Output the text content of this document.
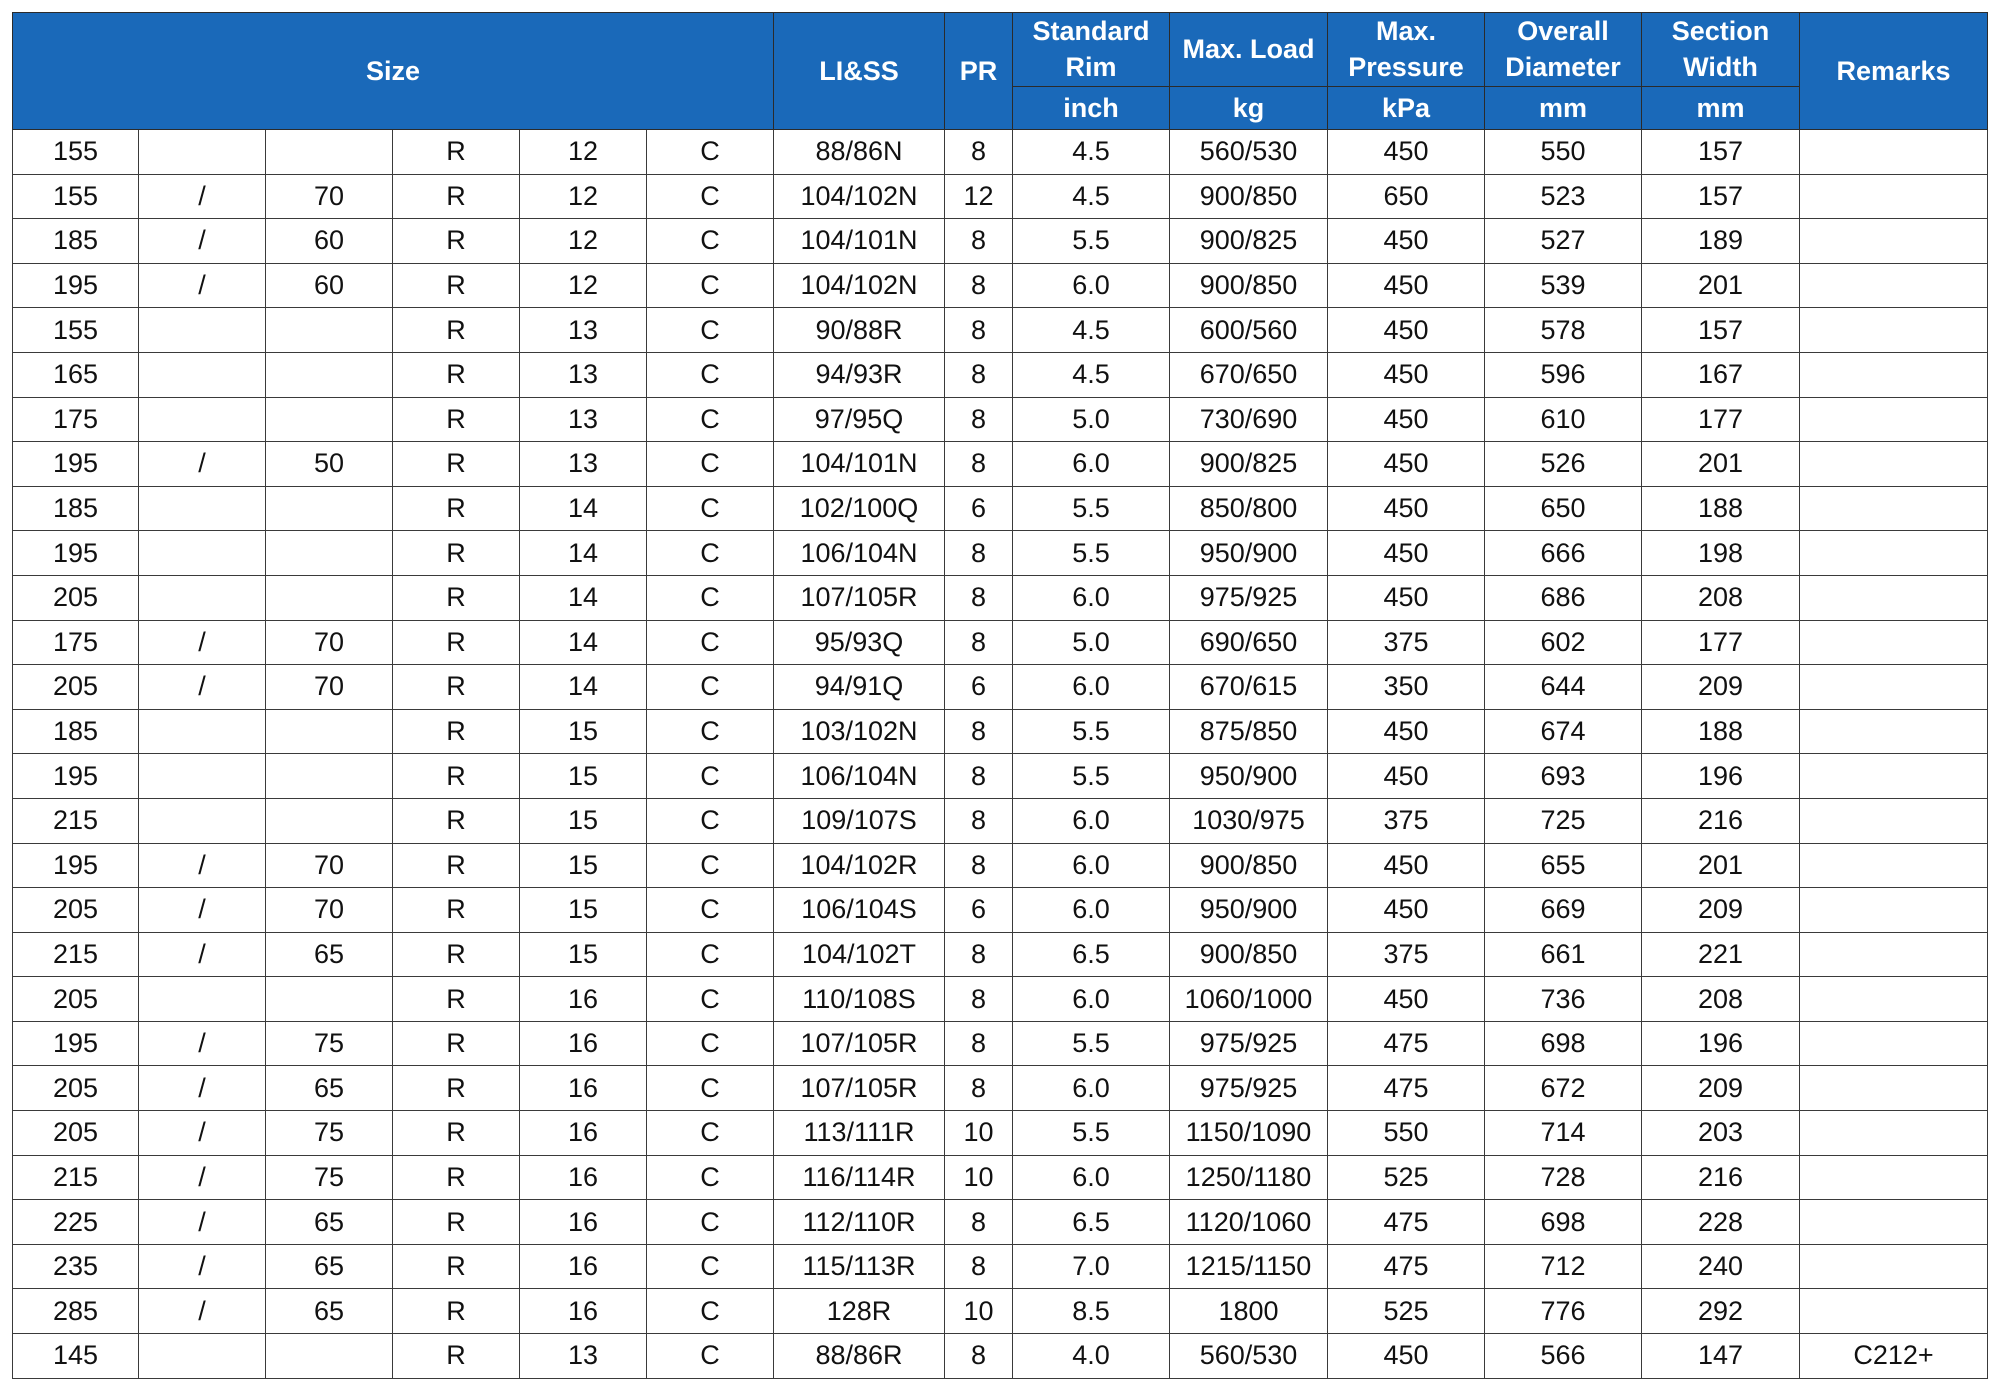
Size						LI&SS	PR	Standard Rim	Max. Load	Max. Pressure	Overall Diameter	Section Width	Remarks
								inch	kg	kPa	mm	mm	
155			R	12	C	88/86N	8	4.5	560/530	450	550	157	
155	/	70	R	12	C	104/102N	12	4.5	900/850	650	523	157	
185	/	60	R	12	C	104/101N	8	5.5	900/825	450	527	189	
195	/	60	R	12	C	104/102N	8	6.0	900/850	450	539	201	
155			R	13	C	90/88R	8	4.5	600/560	450	578	157	
165			R	13	C	94/93R	8	4.5	670/650	450	596	167	
175			R	13	C	97/95Q	8	5.0	730/690	450	610	177	
195	/	50	R	13	C	104/101N	8	6.0	900/825	450	526	201	
185			R	14	C	102/100Q	6	5.5	850/800	450	650	188	
195			R	14	C	106/104N	8	5.5	950/900	450	666	198	
205			R	14	C	107/105R	8	6.0	975/925	450	686	208	
175	/	70	R	14	C	95/93Q	8	5.0	690/650	375	602	177	
205	/	70	R	14	C	94/91Q	6	6.0	670/615	350	644	209	
185			R	15	C	103/102N	8	5.5	875/850	450	674	188	
195			R	15	C	106/104N	8	5.5	950/900	450	693	196	
215			R	15	C	109/107S	8	6.0	1030/975	375	725	216	
195	/	70	R	15	C	104/102R	8	6.0	900/850	450	655	201	
205	/	70	R	15	C	106/104S	6	6.0	950/900	450	669	209	
215	/	65	R	15	C	104/102T	8	6.5	900/850	375	661	221	
205			R	16	C	110/108S	8	6.0	1060/1000	450	736	208	
195	/	75	R	16	C	107/105R	8	5.5	975/925	475	698	196	
205	/	65	R	16	C	107/105R	8	6.0	975/925	475	672	209	
205	/	75	R	16	C	113/111R	10	5.5	1150/1090	550	714	203	
215	/	75	R	16	C	116/114R	10	6.0	1250/1180	525	728	216	
225	/	65	R	16	C	112/110R	8	6.5	1120/1060	475	698	228	
235	/	65	R	16	C	115/113R	8	7.0	1215/1150	475	712	240	
285	/	65	R	16	C	128R	10	8.5	1800	525	776	292	
145			R	13	C	88/86R	8	4.0	560/530	450	566	147	C212+
